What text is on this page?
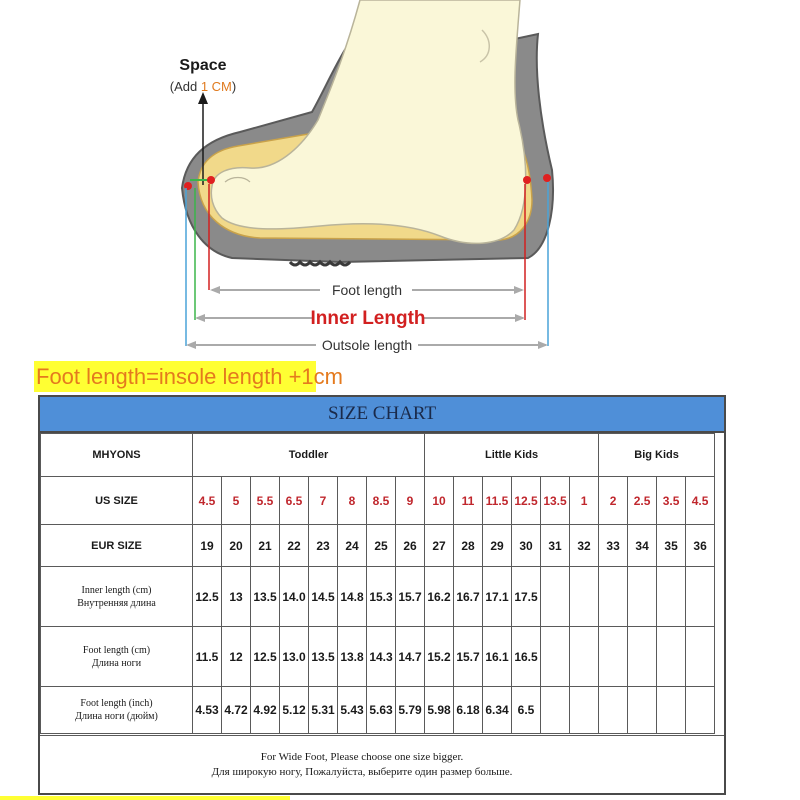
Space
(Add 1 CM)
Foot length
Inner Length
Outsole length
Foot length=insole length +1cm
SIZE CHART
MHYONS	Toddler								Little Kids						Big Kids			
US SIZE	4.5	5	5.5	6.5	7	8	8.5	9	10	11	11.5	12.5	13.5	1	2	2.5	3.5	4.5
EUR SIZE	19	20	21	22	23	24	25	26	27	28	29	30	31	32	33	34	35	36

Inner length (cm)
Внутренняя длина	12.5	13	13.5	14.0	14.5	14.8	15.3	15.7	16.2	16.7	17.1	17.5						

Foot length (cm)
Длина ноги	11.5	12	12.5	13.0	13.5	13.8	14.3	14.7	15.2	15.7	16.1	16.5						

Foot length (inch)
Длина ноги (дюйм)	4.53	4.72	4.92	5.12	5.31	5.43	5.63	5.79	5.98	6.18	6.34	6.5						
For Wide Foot, Please choose one size bigger.
Для широкую ногу, Пожалуйста, выберите один размер больше.
